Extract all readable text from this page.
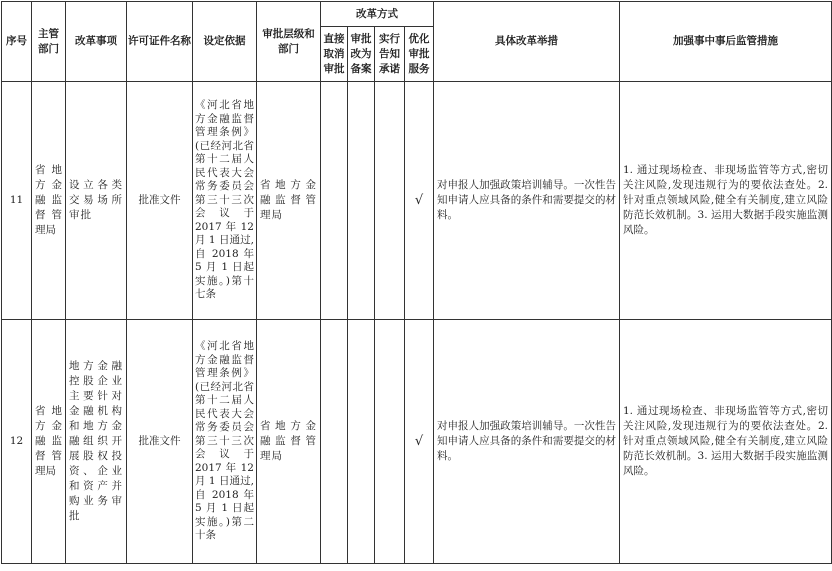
序号	主管部门	改革事项	许可证件名称	设定依据	审批层级和部门	改革方式				具体改革举措	加强事中事后监管措施
						直接取消审批	审批改为备案	实行告知承诺	优化审批服务		
11	省地方金融监督管理局	设立各类交易场所审批	批准文件	《河北省地方金融监督管理条例》(已经河北省第十二届人民代表大会常务委员会第三十三次会议于 2017 年 12 月 1 日通过,自 2018 年 5 月 1 日起实施。)第十七条	省地方金融监督管理局				√	对申报人加强政策培训辅导。一次性告知申请人应具备的条件和需要提交的材料。	1. 通过现场检查、非现场监管等方式,密切关注风险,发现违规行为的要依法查处。2. 针对重点领域风险,健全有关制度,建立风险防范长效机制。3. 运用大数据手段实施监测风险。
12	省地方金融监督管理局	地方金融控股企业主要针对金融机构和地方金融组织开展股权投资、企业和资产并购业务审批	批准文件	《河北省地方金融监督管理条例》(已经河北省第十二届人民代表大会常务委员会第三十三次会议于 2017 年 12 月 1 日通过,自 2018 年 5 月 1 日起实施。)第二十条	省地方金融监督管理局				√	对申报人加强政策培训辅导。一次性告知申请人应具备的条件和需要提交的材料。	1. 通过现场检查、非现场监管等方式,密切关注风险,发现违规行为的要依法查处。2. 针对重点领域风险,健全有关制度,建立风险防范长效机制。3. 运用大数据手段实施监测风险。
